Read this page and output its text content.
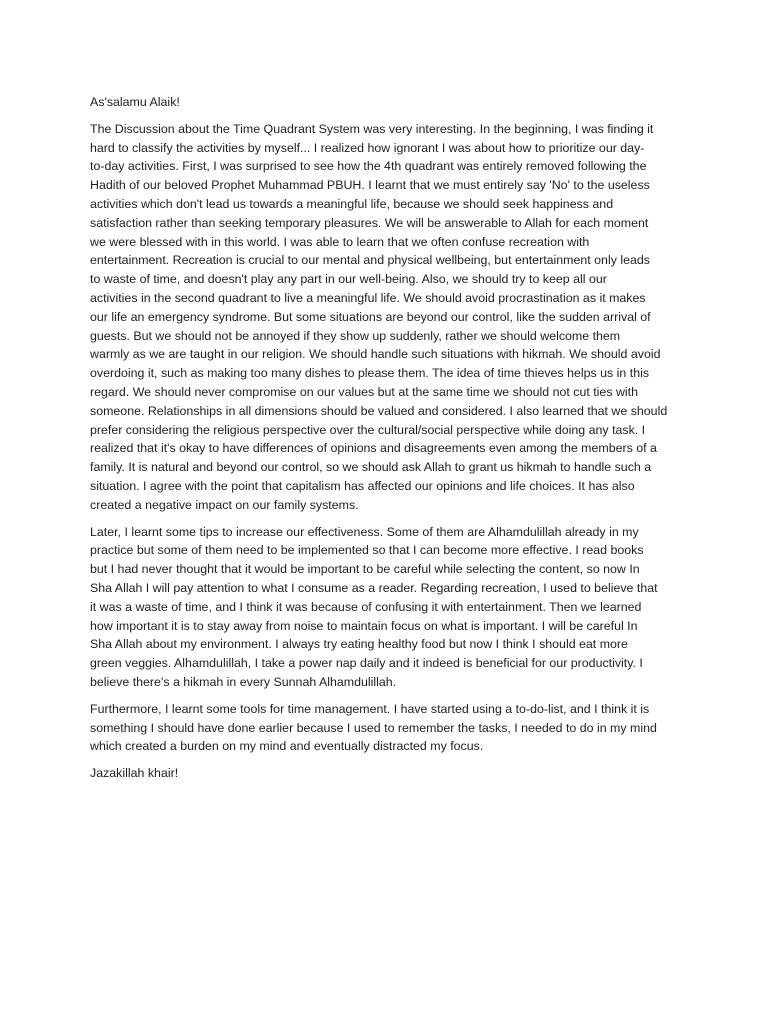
As'salamu Alaik!
The Discussion about the Time Quadrant System was very interesting. In the beginning, I was finding it
hard to classify the activities by myself... I realized how ignorant I was about how to prioritize our day-
to-day activities. First, I was surprised to see how the 4th quadrant was entirely removed following the
Hadith of our beloved Prophet Muhammad PBUH. I learnt that we must entirely say 'No' to the useless
activities which don't lead us towards a meaningful life, because we should seek happiness and
satisfaction rather than seeking temporary pleasures. We will be answerable to Allah for each moment
we were blessed with in this world. I was able to learn that we often confuse recreation with
entertainment. Recreation is crucial to our mental and physical wellbeing, but entertainment only leads
to waste of time, and doesn't play any part in our well-being. Also, we should try to keep all our
activities in the second quadrant to live a meaningful life. We should avoid procrastination as it makes
our life an emergency syndrome. But some situations are beyond our control, like the sudden arrival of
guests. But we should not be annoyed if they show up suddenly, rather we should welcome them
warmly as we are taught in our religion. We should handle such situations with hikmah. We should avoid
overdoing it, such as making too many dishes to please them. The idea of time thieves helps us in this
regard. We should never compromise on our values but at the same time we should not cut ties with
someone. Relationships in all dimensions should be valued and considered. I also learned that we should
prefer considering the religious perspective over the cultural/social perspective while doing any task. I
realized that it's okay to have differences of opinions and disagreements even among the members of a
family. It is natural and beyond our control, so we should ask Allah to grant us hikmah to handle such a
situation. I agree with the point that capitalism has affected our opinions and life choices. It has also
created a negative impact on our family systems.
Later, I learnt some tips to increase our effectiveness. Some of them are Alhamdulillah already in my
practice but some of them need to be implemented so that I can become more effective. I read books
but I had never thought that it would be important to be careful while selecting the content, so now In
Sha Allah I will pay attention to what I consume as a reader. Regarding recreation, I used to believe that
it was a waste of time, and I think it was because of confusing it with entertainment. Then we learned
how important it is to stay away from noise to maintain focus on what is important. I will be careful In
Sha Allah about my environment. I always try eating healthy food but now I think I should eat more
green veggies. Alhamdulillah, I take a power nap daily and it indeed is beneficial for our productivity. I
believe there's a hikmah in every Sunnah Alhamdulillah.
Furthermore, I learnt some tools for time management. I have started using a to-do-list, and I think it is
something I should have done earlier because I used to remember the tasks, I needed to do in my mind
which created a burden on my mind and eventually distracted my focus.
Jazakillah khair!
